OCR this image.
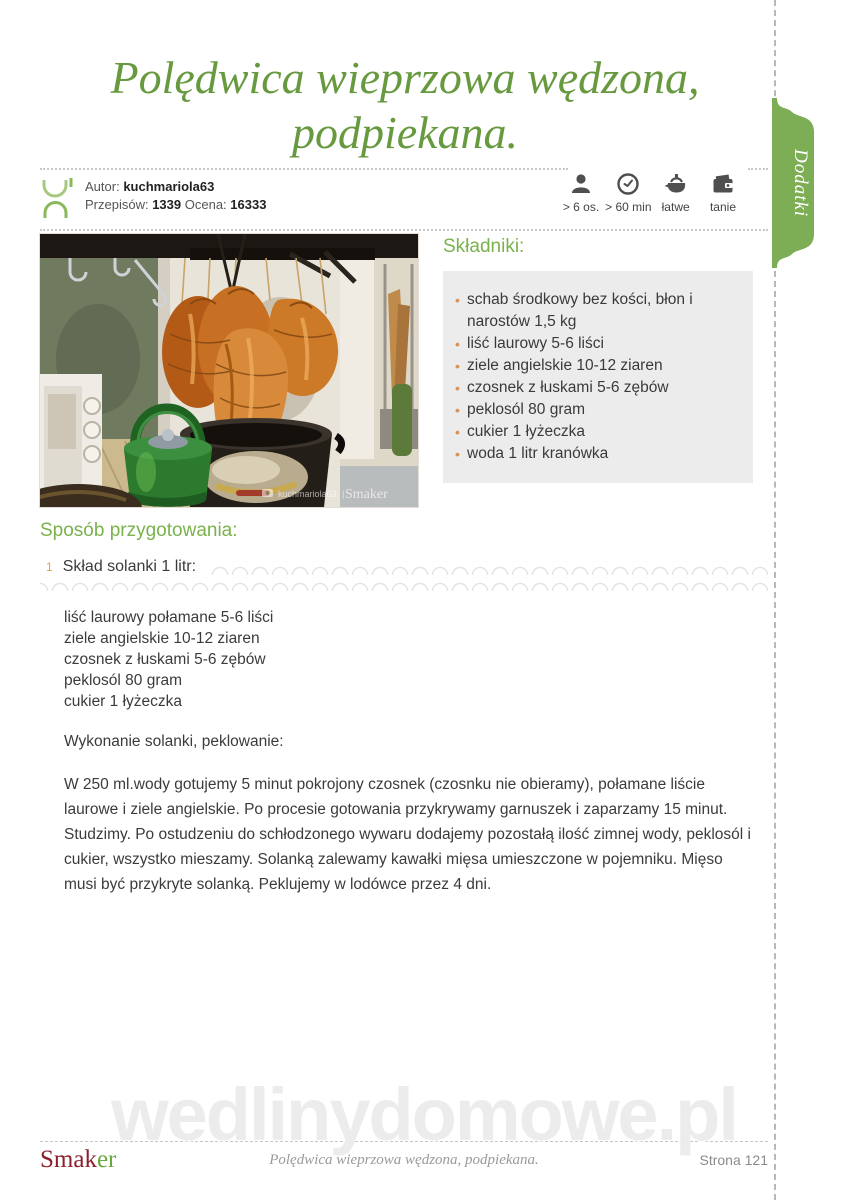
Dodatki
Polędwica wieprzowa wędzona,
podpiekana.
Autor: kuchmariola63
Przepisów: 1339 Ocena: 16333	> 6 os. > 60 min łatwe tanie
kuchmariola63 | Smaker
Składniki:
• schab środkowy bez kości, błon i narostów 1,5 kg
• liść laurowy 5-6 liści
• ziele angielskie 10-12 ziaren
• czosnek z łuskami 5-6 zębów
• peklosól 80 gram
• cukier 1 łyżeczka
• woda 1 litr kranówka
Sposób przygotowania:
1 Skład solanki 1 litr:
liść laurowy połamane 5-6 liści
ziele angielskie 10-12 ziaren
czosnek z łuskami 5-6 zębów
peklosól 80 gram
cukier 1 łyżeczka
Wykonanie solanki, peklowanie:

W 250 ml.wody gotujemy 5 minut pokrojony czosnek (czosnku nie obieramy), połamane liście laurowe i ziele angielskie. Po procesie gotowania przykrywamy garnuszek i zaparzamy 15 minut. Studzimy. Po ostudzeniu do schłodzonego wywaru dodajemy pozostałą ilość zimnej wody, peklosól i cukier, wszystko mieszamy. Solanką zalewamy kawałki mięsa umieszczone w pojemniku. Mięso musi być przykryte solanką. Peklujemy w lodówce przez 4 dni.

wedlinydomowe.pl
Smaker	Polędwica wieprzowa wędzona, podpiekana.	Strona 121
